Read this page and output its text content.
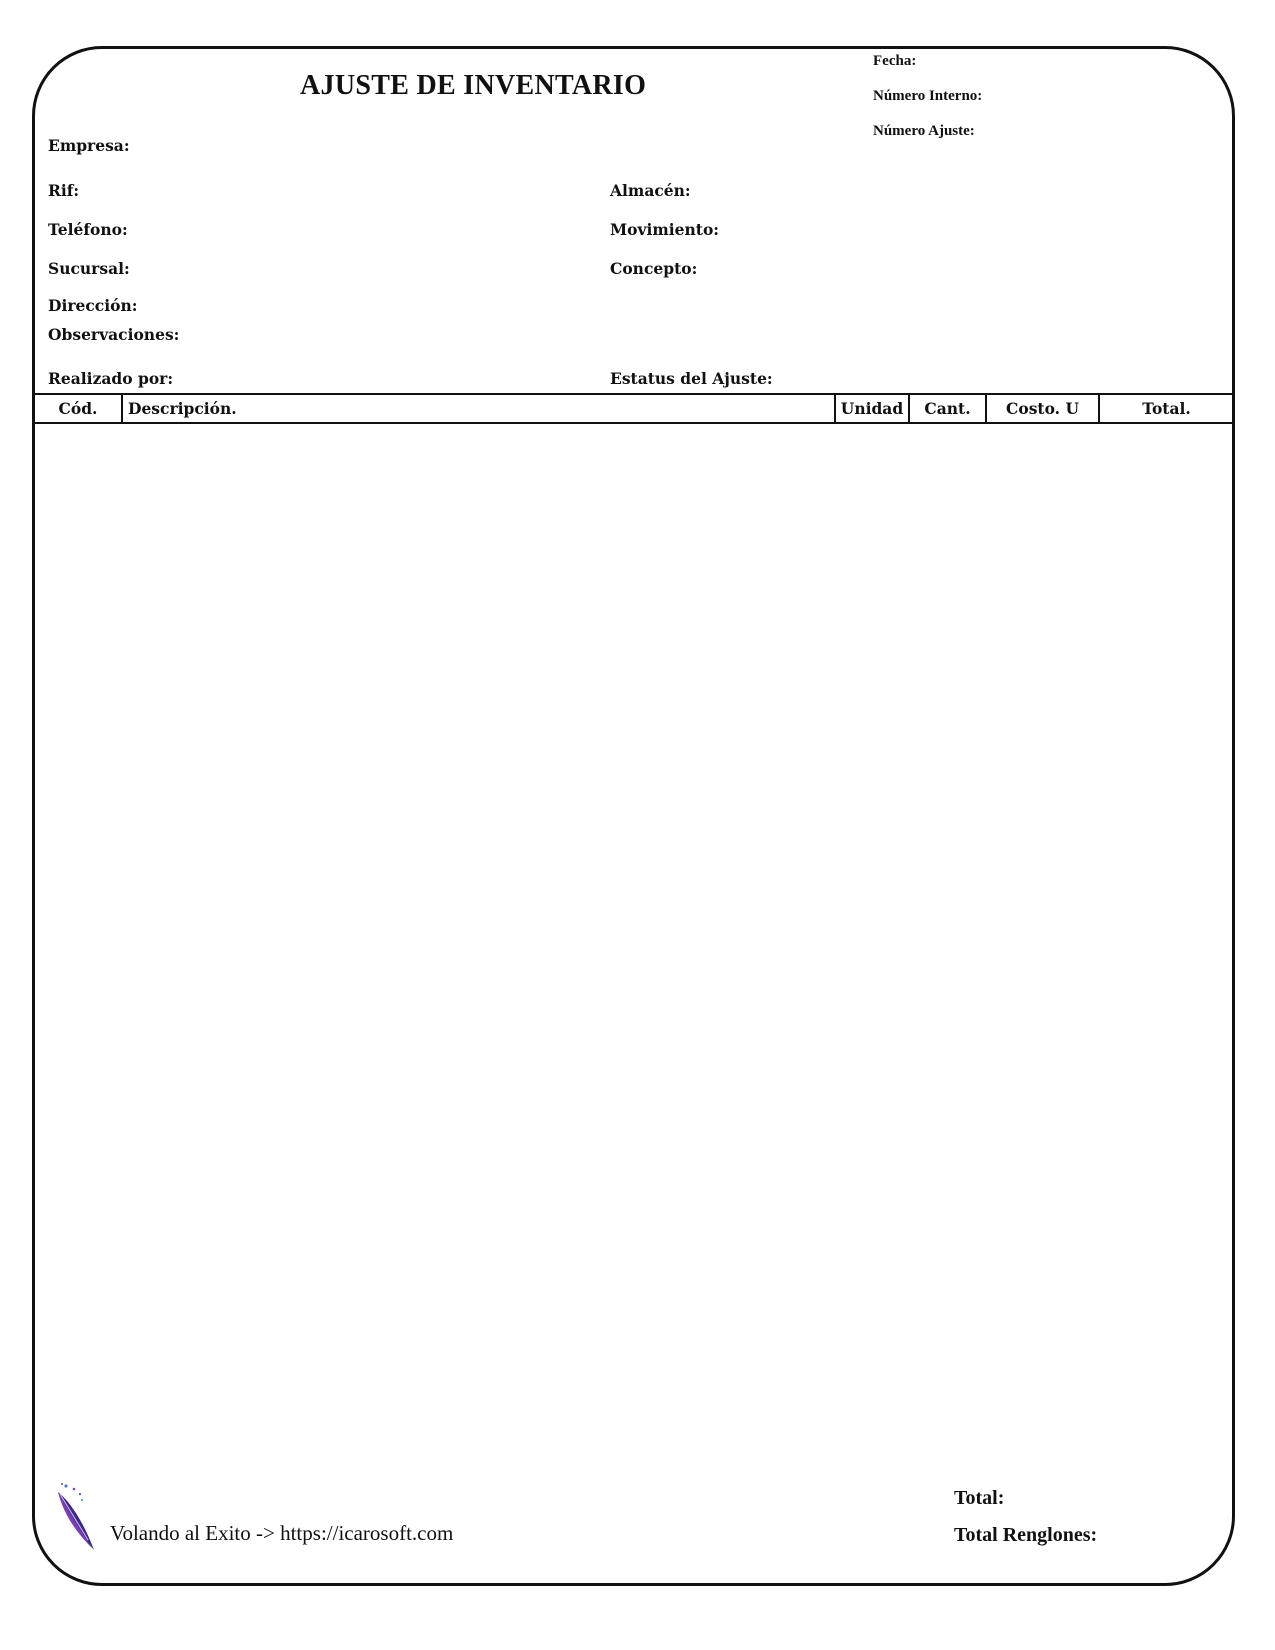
AJUSTE DE INVENTARIO
Fecha:
Número Interno:
Número Ajuste:
Empresa:
Rif:
Teléfono:
Sucursal:
Dirección:
Observaciones:
Realizado por:
Almacén:
Movimiento:
Concepto:
Estatus del Ajuste:
Cód.	Descripción.	Unidad	Cant.	Costo. U	Total.
Volando al Exito -> https://icarosoft.com
Total:
Total Renglones:
